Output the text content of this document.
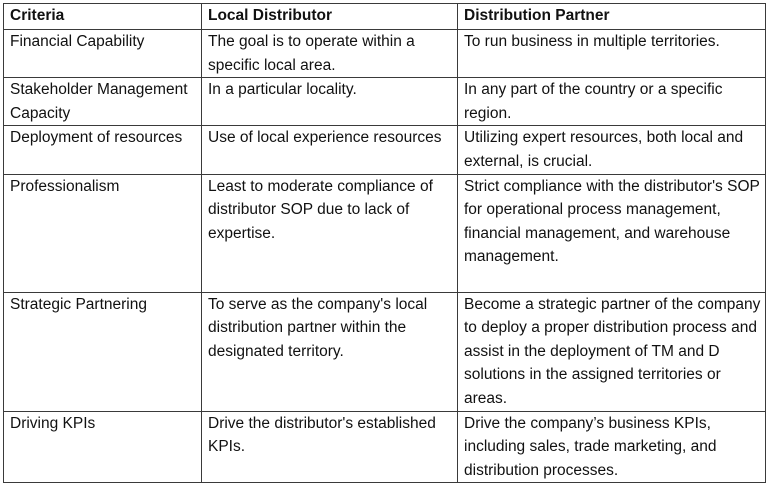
Criteria	Local Distributor	Distribution Partner
Financial Capability	The goal is to operate within a specific local area.	To run business in multiple territories.
Stakeholder Management Capacity	In a particular locality.	In any part of the country or a specific region.
Deployment of resources	Use of local experience resources	Utilizing expert resources, both local and external, is crucial.
Professionalism	Least to moderate compliance of distributor SOP due to lack of expertise.	Strict compliance with the distributor's SOP for operational process management, financial management, and warehouse management.
Strategic Partnering	To serve as the company's local distribution partner within the designated territory.	Become a strategic partner of the company to deploy a proper distribution process and assist in the deployment of TM and D solutions in the assigned territories or areas.
Driving KPIs	Drive the distributor's established KPIs.	Drive the company’s business KPIs, including sales, trade marketing, and distribution processes.
